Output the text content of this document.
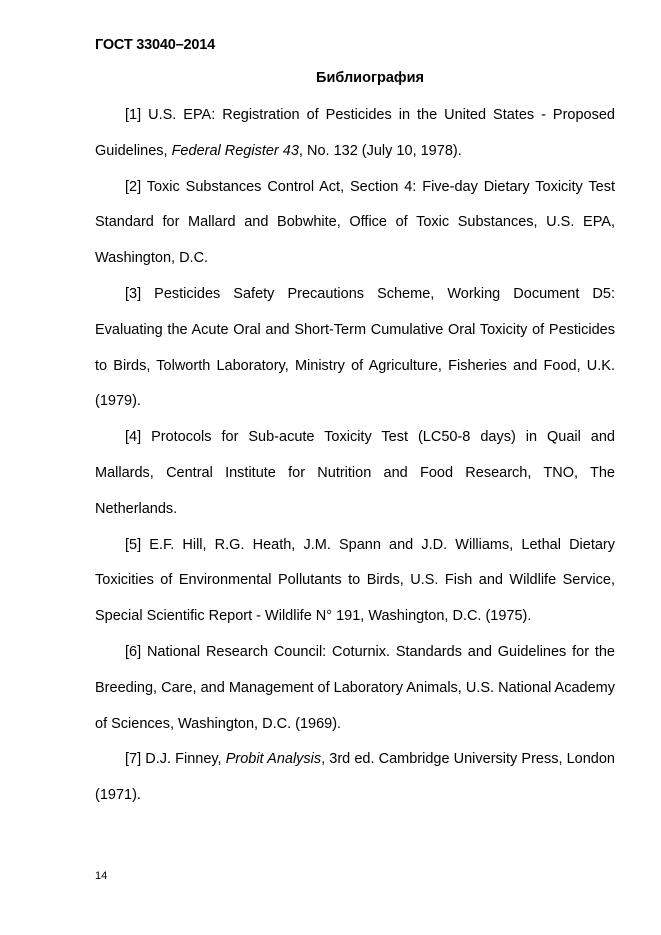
ГОСТ 33040–2014
Библиография

[1] U.S. EPA: Registration of Pesticides in the United States - Proposed Guidelines, Federal Register 43, No. 132 (July 10, 1978).

[2] Toxic Substances Control Act, Section 4: Five-day Dietary Toxicity Test Standard for Mallard and Bobwhite, Office of Toxic Substances, U.S. EPA, Washington, D.C.

[3] Pesticides Safety Precautions Scheme, Working Document D5: Evaluating the Acute Oral and Short-Term Cumulative Oral Toxicity of Pesticides to Birds, Tolworth Laboratory, Ministry of Agriculture, Fisheries and Food, U.K. (1979).

[4] Protocols for Sub-acute Toxicity Test (LC50-8 days) in Quail and Mallards, Central Institute for Nutrition and Food Research, TNO, The Netherlands.

[5] E.F. Hill, R.G. Heath, J.M. Spann and J.D. Williams, Lethal Dietary Toxicities of Environmental Pollutants to Birds, U.S. Fish and Wildlife Service, Special Scientific Report - Wildlife N° 191, Washington, D.C. (1975).

[6] National Research Council: Coturnix. Standards and Guidelines for the Breeding, Care, and Management of Laboratory Animals, U.S. National Academy of Sciences, Washington, D.C. (1969).

[7] D.J. Finney, Probit Analysis, 3rd ed. Cambridge University Press, London (1971).

14
